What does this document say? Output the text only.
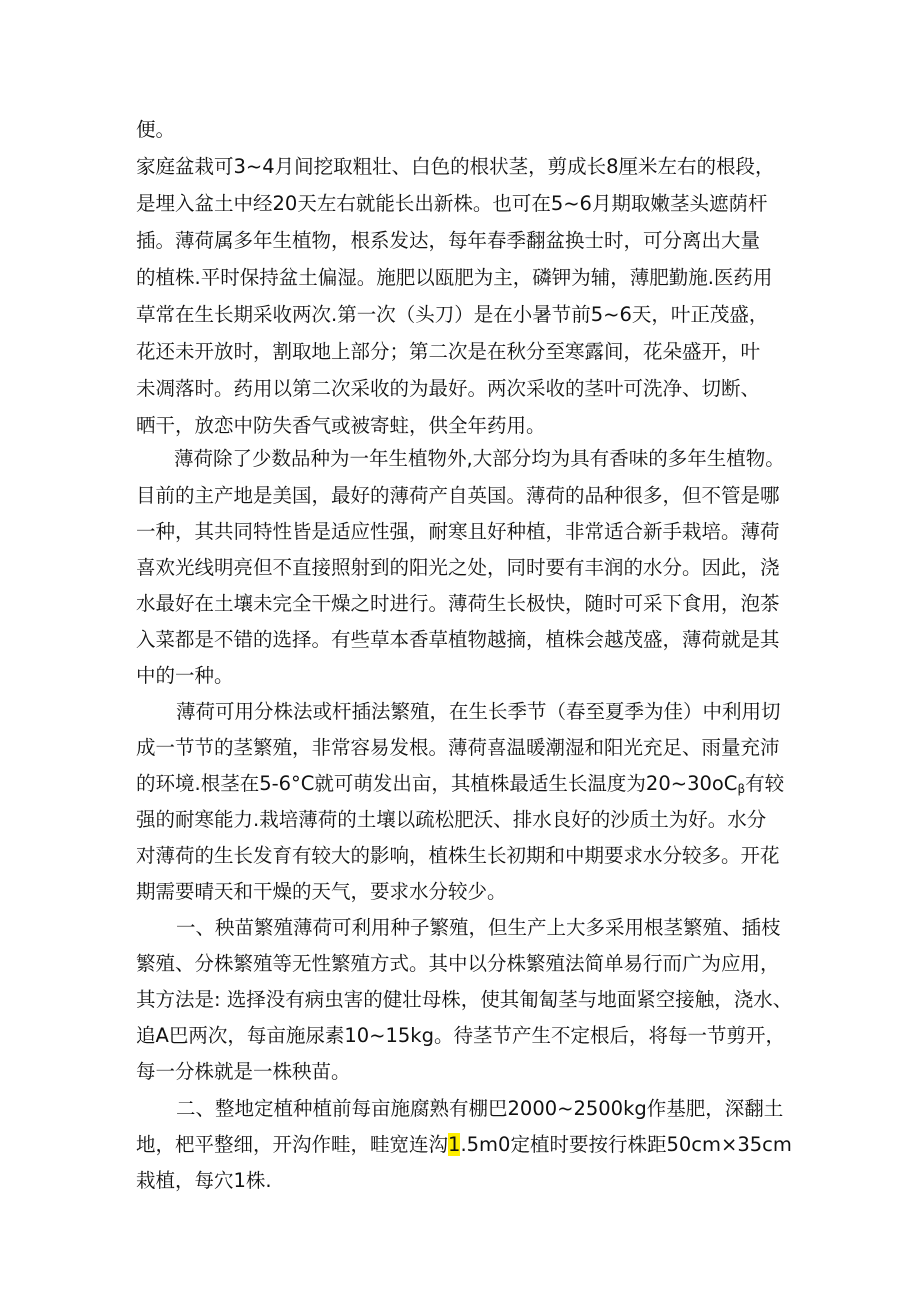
便。
家庭盆栽可3~4月间挖取粗壮、白色的根状茎，剪成长8厘米左右的根段，
是埋入盆土中经20天左右就能长出新株。也可在5~6月期取嫩茎头遮荫杆
插。薄荷属多年生植物，根系发达，每年春季翻盆换士时，可分离出大量
的植株.平时保持盆土偏湿。施肥以瓯肥为主，磷钾为辅，薄肥勤施.医药用
草常在生长期采收两次.第一次（头刀）是在小暑节前5~6天，叶正茂盛，
花还未开放时，割取地上部分；第二次是在秋分至寒露间，花朵盛开，叶
未凋落时。药用以第二次采收的为最好。两次采收的茎叶可洗净、切断、
晒干，放恋中防失香气或被寄蛀，供全年药用。
薄荷除了少数品种为一年生植物外,大部分均为具有香味的多年生植物。
目前的主产地是美国，最好的薄荷产自英国。薄荷的品种很多，但不管是哪
一种，其共同特性皆是适应性强，耐寒且好种植，非常适合新手栽培。薄荷
喜欢光线明亮但不直接照射到的阳光之处，同时要有丰润的水分。因此，浇
水最好在土壤未完全干燥之时进行。薄荷生长极快，随时可采下食用，泡茶
入菜都是不错的选择。有些草本香草植物越摘，植株会越茂盛，薄荷就是其
中的一种。
薄荷可用分株法或杆插法繁殖，在生长季节（春至夏季为佳）中利用切
成一节节的茎繁殖，非常容易发根。薄荷喜温暖潮湿和阳光充足、雨量充沛
的环境.根茎在5-6°C就可萌发出亩，其植株最适生长温度为$20\sim 30oC_\beta$有较
强的耐寒能力.栽培薄荷的土壤以疏松肥沃、排水良好的沙质土为好。水分
对薄荷的生长发育有较大的影响，植株生长初期和中期要求水分较多。开花
期需要晴天和干燥的天气，要求水分较少。
一、秧苗繁殖薄荷可利用种子繁殖，但生产上大多采用根茎繁殖、插枝
繁殖、分株繁殖等无性繁殖方式。其中以分株繁殖法简单易行而广为应用，
其方法是: 选择没有病虫害的健壮母株，使其匍匐茎与地面紧空接触，浇水、
追A巴两次，每亩施尿素10~15kg。待茎节产生不定根后，将每一节剪开，
每一分株就是一株秧苗。
二、整地定植种植前每亩施腐熟有棚巴2000~2500kg作基肥，深翻土
地，杷平整细，开沟作畦，畦宽连沟1.5m0定植时要按行株距50cm×35cm
栽植，每穴1株.
